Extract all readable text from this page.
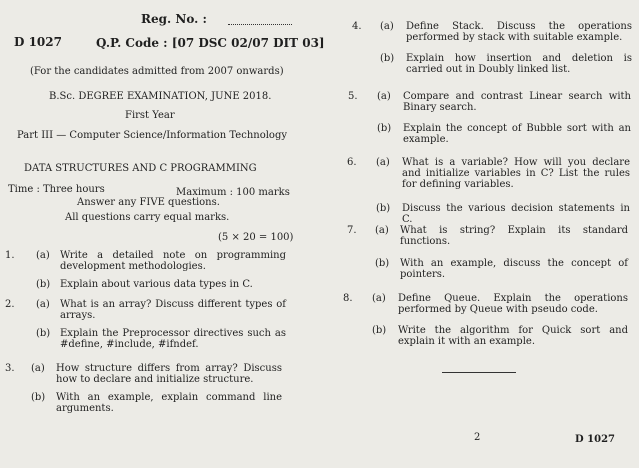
Reg. No. :
D 1027	Q.P. Code : [07 DSC 02/07 DIT 03]
(For the candidates admitted from 2007 onwards)
B.Sc. DEGREE EXAMINATION, JUNE 2018.
First Year
Part III — Computer Science/Information Technology
DATA STRUCTURES AND C PROGRAMMING
Time : Three hours	Maximum : 100 marks
Answer any FIVE questions.
All questions carry equal marks.
(5 × 20 = 100)
1. (a) Write a detailed note on programming development methodologies.
(b) Explain about various data types in C.
2. (a) What is an array? Discuss different types of arrays.
(b) Explain the Preprocessor directives such as #define, #include, #ifndef.
3. (a) How structure differs from array? Discuss how to declare and initialize structure.
(b) With an example, explain command line arguments.
4. (a) Define Stack. Discuss the operations performed by stack with suitable example.
(b) Explain how insertion and deletion is carried out in Doubly linked list.
5. (a) Compare and contrast Linear search with Binary search.
(b) Explain the concept of Bubble sort with an example.
6. (a) What is a variable? How will you declare and initialize variables in C? List the rules for defining variables.
(b) Discuss the various decision statements in C.
7. (a) What is string? Explain its standard functions.
(b) With an example, discuss the concept of pointers.
8. (a) Define Queue. Explain the operations performed by Queue with pseudo code.
(b) Write the algorithm for Quick sort and explain it with an example.
2	D 1027
